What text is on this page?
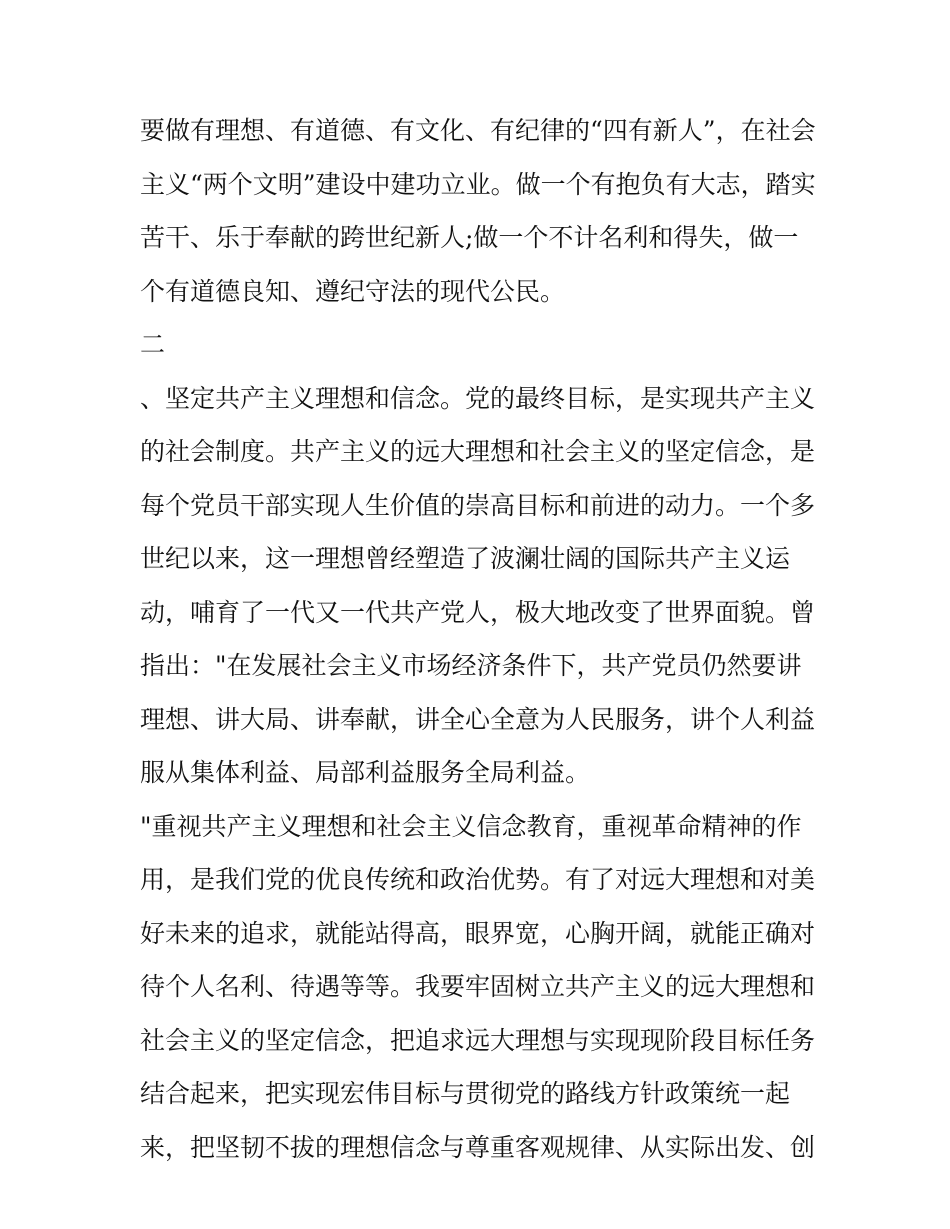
要做有理想、有道德、有文化、有纪律的“四有新人”，在社会
主义“两个文明”建设中建功立业。做一个有抱负有大志，踏实
苦干、乐于奉献的跨世纪新人;做一个不计名利和得失，做一
个有道德良知、遵纪守法的现代公民。
二
、坚定共产主义理想和信念。党的最终目标，是实现共产主义
的社会制度。共产主义的远大理想和社会主义的坚定信念，是
每个党员干部实现人生价值的崇高目标和前进的动力。一个多
世纪以来，这一理想曾经塑造了波澜壮阔的国际共产主义运
动，哺育了一代又一代共产党人，极大地改变了世界面貌。曾
指出："在发展社会主义市场经济条件下，共产党员仍然要讲
理想、讲大局、讲奉献，讲全心全意为人民服务，讲个人利益
服从集体利益、局部利益服务全局利益。
"重视共产主义理想和社会主义信念教育，重视革命精神的作
用，是我们党的优良传统和政治优势。有了对远大理想和对美
好未来的追求，就能站得高，眼界宽，心胸开阔，就能正确对
待个人名利、待遇等等。我要牢固树立共产主义的远大理想和
社会主义的坚定信念，把追求远大理想与实现现阶段目标任务
结合起来，把实现宏伟目标与贯彻党的路线方针政策统一起
来，把坚韧不拔的理想信念与尊重客观规律、从实际出发、创
